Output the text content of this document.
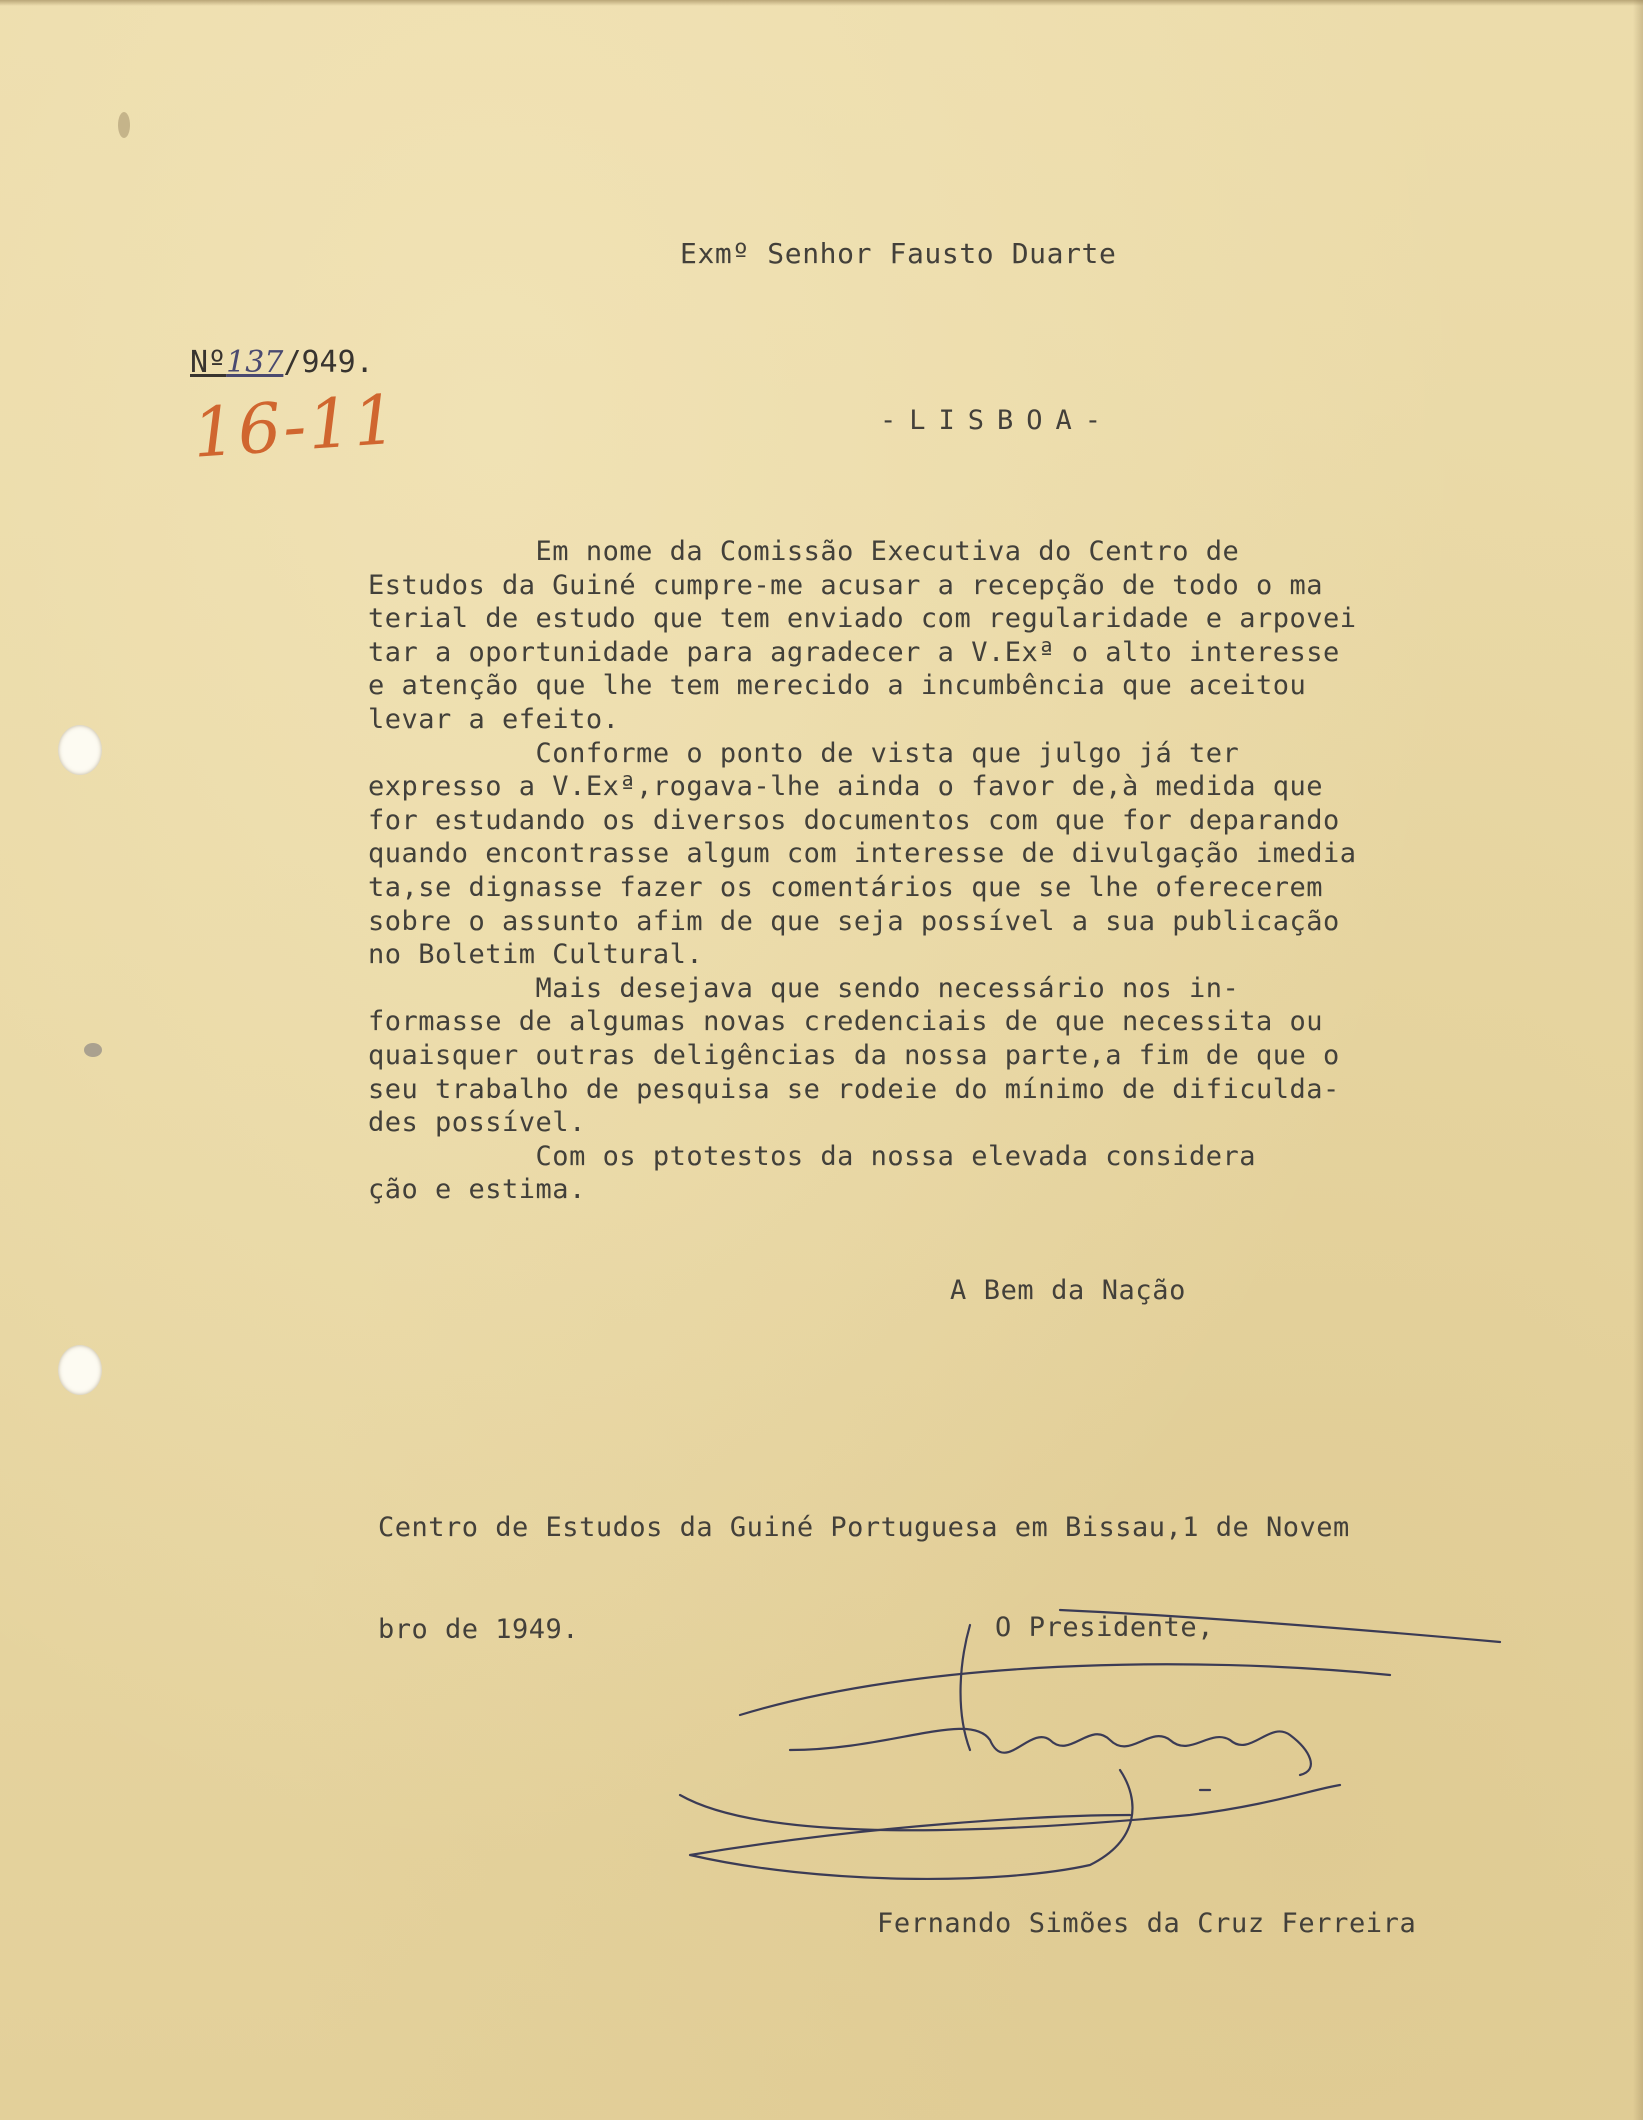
Exmº Senhor Fausto Duarte
Nº137/949.
16-11	-LISBOA-
Em nome da Comissão Executiva do Centro de
Estudos da Guiné cumpre-me acusar a recepção de todo o ma
terial de estudo que tem enviado com regularidade e arpovei
tar a oportunidade para agradecer a V.Exª o alto interesse
e atenção que lhe tem merecido a incumbência que aceitou
levar a efeito.
Conforme o ponto de vista que julgo já ter
expresso a V.Exª,rogava-lhe ainda o favor de,à medida que
for estudando os diversos documentos com que for deparando
quando encontrasse algum com interesse de divulgação imedia
ta,se dignasse fazer os comentários que se lhe oferecerem
sobre o assunto afim de que seja possível a sua publicação
no Boletim Cultural.
Mais desejava que sendo necessário nos in-
formasse de algumas novas credenciais de que necessita ou
quaisquer outras deligências da nossa parte,a fim de que o
seu trabalho de pesquisa se rodeie do mínimo de dificulda-
des possível.
Com os ptotestos da nossa elevada considera
ção e estima.
A Bem da Nação

Centro de Estudos da Guiné Portuguesa em Bissau,1 de Novem

bro de 1949.

	O Presidente,
Fernando Simões da Cruz Ferreira
